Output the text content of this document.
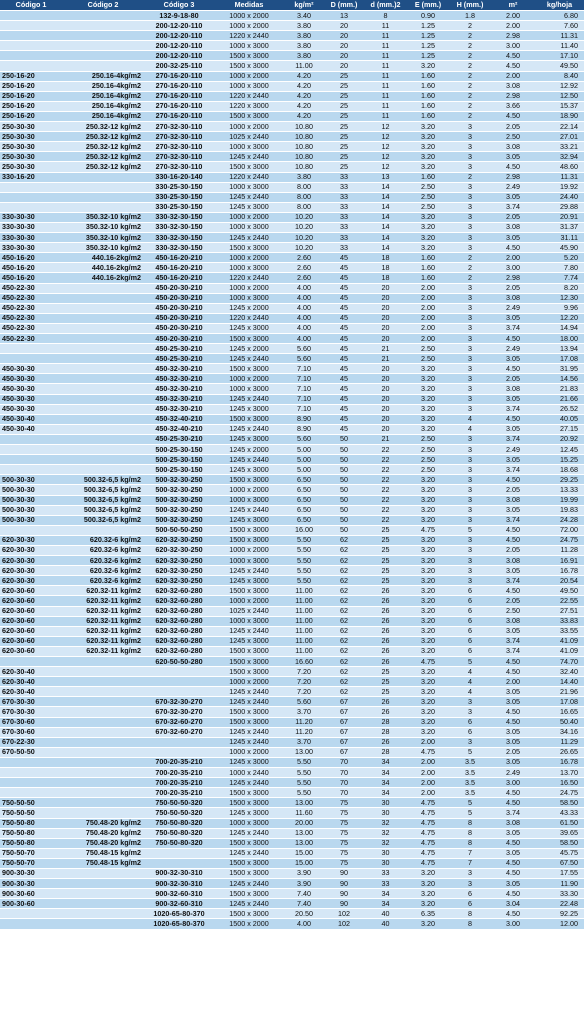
Código 1	Código 2	Código 3	Medidas	kg/m²	D (mm.)	d (mm.)2	E (mm.)	H (mm.)	m²	kg/hoja
		132-9-18-80	1000 x 2000	3.40	13	8	0.90	1.8	2.00	6.80
		200-12-20-110	1000 x 2000	3.80	20	11	1.25	2	2.00	7.60
		200-12-20-110	1220 x 2440	3.80	20	11	1.25	2	2.98	11.31
		200-12-20-110	1000 x 3000	3.80	20	11	1.25	2	3.00	11.40
		200-12-20-110	1500 x 3000	3.80	20	11	1.25	2	4.50	17.10
		200-32-25-110	1500 x 3000	11.00	20	11	3.20	2	4.50	49.50
250-16-20	250.16-4kg/m2	270-16-20-110	1000 x 2000	4.20	25	11	1.60	2	2.00	8.40
250-16-20	250.16-4kg/m2	270-16-20-110	1000 x 3000	4.20	25	11	1.60	2	3.08	12.92
250-16-20	250.16-4kg/m2	270-16-20-110	1220 x 2440	4.20	25	11	1.60	2	2.98	12.50
250-16-20	250.16-4kg/m2	270-16-20-110	1220 x 3000	4.20	25	11	1.60	2	3.66	15.37
250-16-20	250.16-4kg/m2	270-16-20-110	1500 x 3000	4.20	25	11	1.60	2	4.50	18.90
250-30-30	250.32-12 kg/m2	270-32-30-110	1000 x 2000	10.80	25	12	3.20	3	2.05	22.14
250-30-30	250.32-12 kg/m2	270-32-30-110	1025 x 2440	10.80	25	12	3.20	3	2.50	27.01
250-30-30	250.32-12 kg/m2	270-32-30-110	1000 x 3000	10.80	25	12	3.20	3	3.08	33.21
250-30-30	250.32-12 kg/m2	270-32-30-110	1245 x 2440	10.80	25	12	3.20	3	3.05	32.94
250-30-30	250.32-12 kg/m2	270-32-30-110	1500 x 3000	10.80	25	12	3.20	3	4.50	48.60
330-16-20		330-16-20-140	1220 x 2440	3.80	33	13	1.60	2	2.98	11.31
		330-25-30-150	1000 x 3000	8.00	33	14	2.50	3	2.49	19.92
		330-25-30-150	1245 x 2440	8.00	33	14	2.50	3	3.05	24.40
		330-25-30-150	1245 x 3000	8.00	33	14	2.50	3	3.74	29.88
330-30-30	350.32-10 kg/m2	330-32-30-150	1000 x 2000	10.20	33	14	3.20	3	2.05	20.91
330-30-30	350.32-10 kg/m2	330-32-30-150	1000 x 3000	10.20	33	14	3.20	3	3.08	31.37
330-30-30	350.32-10 kg/m2	330-32-30-150	1245 x 2440	10.20	33	14	3.20	3	3.05	31.11
330-30-30	350.32-10 kg/m2	330-32-30-150	1500 x 3000	10.20	33	14	3.20	3	4.50	45.90
450-16-20	440.16-2kg/m2	450-16-20-210	1000 x 2000	2.60	45	18	1.60	2	2.00	5.20
450-16-20	440.16-2kg/m2	450-16-20-210	1000 x 3000	2.60	45	18	1.60	2	3.00	7.80
450-16-20	440.16-2kg/m2	450-16-20-210	1220 x 2440	2.60	45	18	1.60	2	2.98	7.74
450-22-30		450-20-30-210	1000 x 2000	4.00	45	20	2.00	3	2.05	8.20
450-22-30		450-20-30-210	1000 x 3000	4.00	45	20	2.00	3	3.08	12.30
450-22-30		450-20-30-210	1245 x 2000	4.00	45	20	2.00	3	2.49	9.96
450-22-30		450-20-30-210	1220 x 2440	4.00	45	20	2.00	3	3.05	12.20
450-22-30		450-20-30-210	1245 x 3000	4.00	45	20	2.00	3	3.74	14.94
450-22-30		450-20-30-210	1500 x 3000	4.00	45	20	2.00	3	4.50	18.00
		450-25-30-210	1245 x 2000	5.60	45	21	2.50	3	2.49	13.94
		450-25-30-210	1245 x 2440	5.60	45	21	2.50	3	3.05	17.08
450-30-30		450-32-30-210	1500 x 3000	7.10	45	20	3.20	3	4.50	31.95
450-30-30		450-32-30-210	1000 x 2000	7.10	45	20	3.20	3	2.05	14.56
450-30-30		450-32-30-210	1000 x 3000	7.10	45	20	3.20	3	3.08	21.83
450-30-30		450-32-30-210	1245 x 2440	7.10	45	20	3.20	3	3.05	21.66
450-30-30		450-32-30-210	1245 x 3000	7.10	45	20	3.20	3	3.74	26.52
450-30-40		450-32-40-210	1500 x 3000	8.90	45	20	3.20	4	4.50	40.05
450-30-40		450-32-40-210	1245 x 2440	8.90	45	20	3.20	4	3.05	27.15
		450-25-30-210	1245 x 3000	5.60	50	21	2.50	3	3.74	20.92
		500-25-30-150	1245 x 2000	5.00	50	22	2.50	3	2.49	12.45
		500-25-30-150	1245 x 2440	5.00	50	22	2.50	3	3.05	15.25
		500-25-30-150	1245 x 3000	5.00	50	22	2.50	3	3.74	18.68
500-30-30	500.32-6,5 kg/m2	500-32-30-250	1500 x 3000	6.50	50	22	3.20	3	4.50	29.25
500-30-30	500.32-6,5 kg/m2	500-32-30-250	1000 x 2000	6.50	50	22	3.20	3	2.05	13.33
500-30-30	500.32-6,5 kg/m2	500-32-30-250	1000 x 3000	6.50	50	22	3.20	3	3.08	19.99
500-30-30	500.32-6,5 kg/m2	500-32-30-250	1245 x 2440	6.50	50	22	3.20	3	3.05	19.83
500-30-30	500.32-6,5 kg/m2	500-32-30-250	1245 x 3000	6.50	50	22	3.20	3	3.74	24.28
		500-50-50-250	1500 x 3000	16.00	50	25	4.75	5	4.50	72.00
620-30-30	620.32-6 kg/m2	620-32-30-250	1500 x 3000	5.50	62	25	3.20	3	4.50	24.75
620-30-30	620.32-6 kg/m2	620-32-30-250	1000 x 2000	5.50	62	25	3.20	3	2.05	11.28
620-30-30	620.32-6 kg/m2	620-32-30-250	1000 x 3000	5.50	62	25	3.20	3	3.08	16.91
620-30-30	620.32-6 kg/m2	620-32-30-250	1245 x 2440	5.50	62	25	3.20	3	3.05	16.78
620-30-30	620.32-6 kg/m2	620-32-30-250	1245 x 3000	5.50	62	25	3.20	3	3.74	20.54
620-30-60	620.32-11 kg/m2	620-32-60-280	1500 x 3000	11.00	62	26	3.20	6	4.50	49.50
620-30-60	620.32-11 kg/m2	620-32-60-280	1000 x 2000	11.00	62	26	3.20	6	2.05	22.55
620-30-60	620.32-11 kg/m2	620-32-60-280	1025 x 2440	11.00	62	26	3.20	6	2.50	27.51
620-30-60	620.32-11 kg/m2	620-32-60-280	1000 x 3000	11.00	62	26	3.20	6	3.08	33.83
620-30-60	620.32-11 kg/m2	620-32-60-280	1245 x 2440	11.00	62	26	3.20	6	3.05	33.55
620-30-60	620.32-11 kg/m2	620-32-60-280	1245 x 3000	11.00	62	26	3.20	6	3.74	41.09
620-30-60	620.32-11 kg/m2	620-32-60-280	1500 x 3000	11.00	62	26	3.20	6	3.74	41.09
		620-50-50-280	1500 x 3000	16.60	62	26	4.75	5	4.50	74.70
620-30-40			1500 x 3000	7.20	62	25	3.20	4	4.50	32.40
620-30-40			1000 x 2000	7.20	62	25	3.20	4	2.00	14.40
620-30-40			1245 x 2440	7.20	62	25	3.20	4	3.05	21.96
670-30-30		670-32-30-270	1245 x 2440	5.60	67	26	3.20	3	3.05	17.08
670-30-30		670-32-30-270	1500 x 3000	3.70	67	26	3.20	3	4.50	16.65
670-30-60		670-32-60-270	1500 x 3000	11.20	67	28	3.20	6	4.50	50.40
670-30-60		670-32-60-270	1245 x 2440	11.20	67	28	3.20	6	3.05	34.16
670-22-30			1245 x 2440	3.70	67	26	2.00	3	3.05	11.29
670-50-50			1000 x 2000	13.00	67	28	4.75	5	2.05	26.65
		700-20-35-210	1245 x 3000	5.50	70	34	2.00	3.5	3.05	16.78
		700-20-35-210	1000 x 2440	5.50	70	34	2.00	3.5	2.49	13.70
		700-20-35-210	1245 x 2440	5.50	70	34	2.00	3.5	3.00	16.50
		700-20-35-210	1500 x 3000	5.50	70	34	2.00	3.5	4.50	24.75
750-50-50		750-50-50-320	1500 x 3000	13.00	75	30	4.75	5	4.50	58.50
750-50-50		750-50-50-320	1245 x 3000	11.60	75	30	4.75	5	3.74	43.33
750-50-80	750.48-20 kg/m2	750-50-80-320	1000 x 3000	20.00	75	32	4.75	8	3.08	61.50
750-50-80	750.48-20 kg/m2	750-50-80-320	1245 x 2440	13.00	75	32	4.75	8	3.05	39.65
750-50-80	750.48-20 kg/m2	750-50-80-320	1500 x 3000	13.00	75	32	4.75	8	4.50	58.50
750-50-70	750.48-15 kg/m2		1245 x 2440	15.00	75	30	4.75	7	3.05	45.75
750-50-70	750.48-15 kg/m2		1500 x 3000	15.00	75	30	4.75	7	4.50	67.50
900-30-30		900-32-30-310	1500 x 3000	3.90	90	33	3.20	3	4.50	17.55
900-30-30		900-32-30-310	1245 x 2440	3.90	90	33	3.20	3	3.05	11.90
900-30-60		900-32-60-310	1500 x 3000	7.40	90	34	3.20	6	4.50	33.30
900-30-60		900-32-60-310	1245 x 2440	7.40	90	34	3.20	6	3.04	22.48
		1020-65-80-370	1500 x 3000	20.50	102	40	6.35	8	4.50	92.25
		1020-65-80-370	1500 x 2000	4.00	102	40	3.20	8	3.00	12.00
